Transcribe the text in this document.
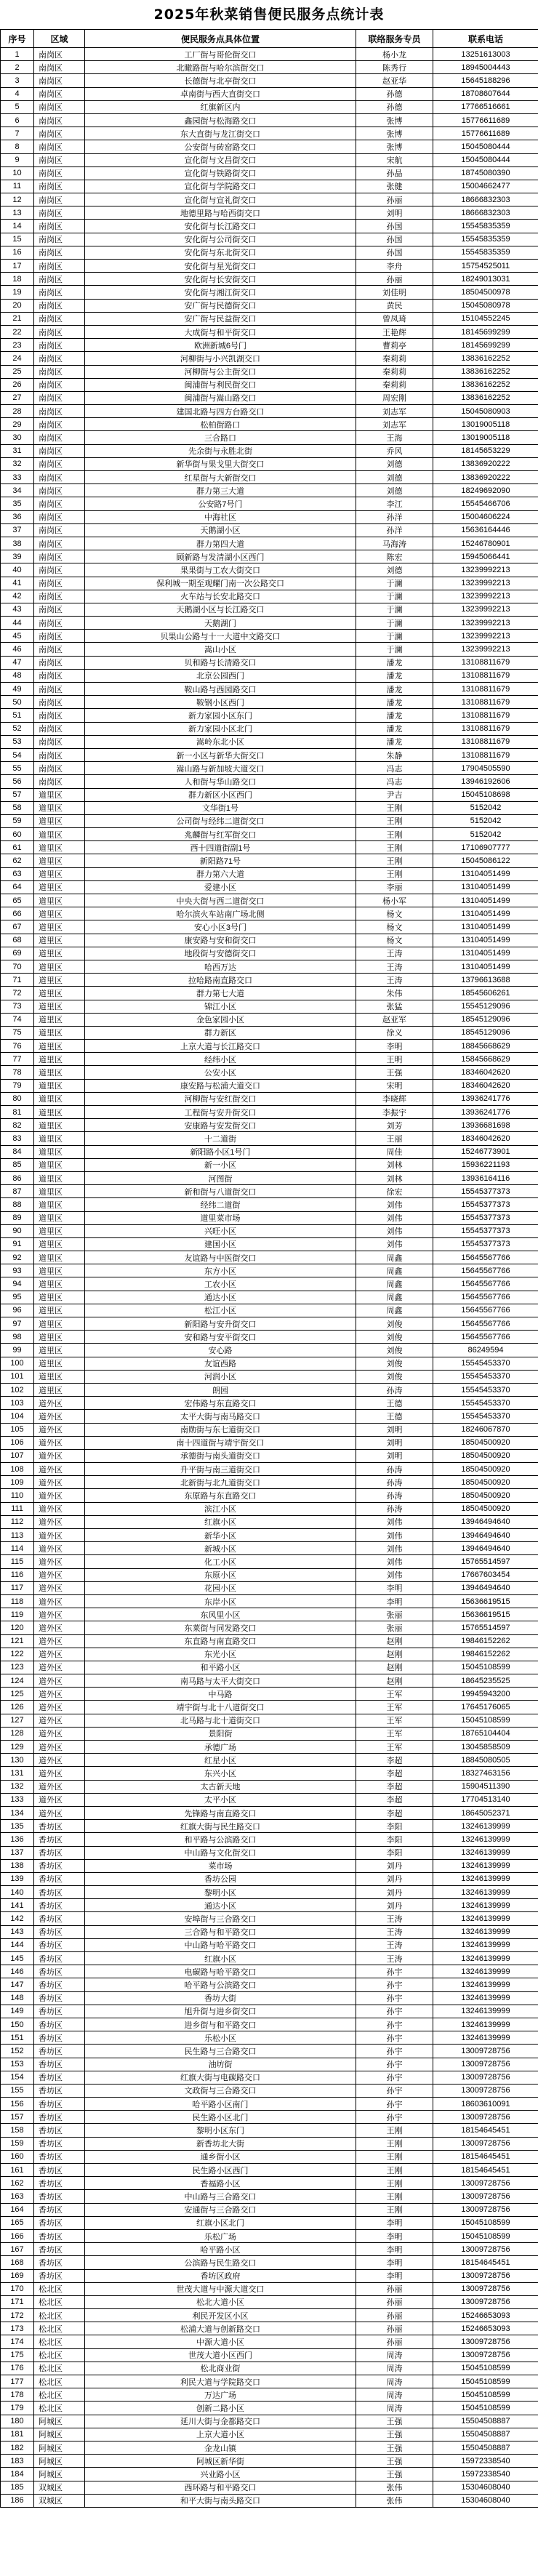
2025年秋菜销售便民服务点统计表
序号	区域	便民服务点具体位置	联络服务专员	联系电话
1	南岗区	工厂街与哥伦街交口	杨小龙	13251613003
2	南岗区	北瞰路街与哈尔滨街交口	陈秀行	18945004443
3	南岗区	长德街与北亭街交口	赵亚华	15645188296
4	南岗区	卓南街与西大直街交口	孙德	18708607644
5	南岗区	红旗新区内	孙德	17766516661
6	南岗区	鑫园街与松海路交口	张博	15776611689
7	南岗区	东大直街与龙江街交口	张博	15776611689
8	南岗区	公安街与砖窑路交口	张博	15045080444
9	南岗区	宣化街与文昌街交口	宋航	15045080444
10	南岗区	宣化街与铁路街交口	孙晶	18745080390
11	南岗区	宣化街与学院路交口	张健	15004662477
12	南岗区	宣化街与宣礼街交口	孙丽	18666832303
13	南岗区	地德里路与哈西街交口	刘明	18666832303
14	南岗区	安化街与长江路交口	孙国	15545835359
15	南岗区	安化街与公司街交口	孙国	15545835359
16	南岗区	安化街与东北街交口	孙国	15545835359
17	南岗区	安化街与星光街交口	李舟	15754525011
18	南岗区	安化街与长安街交口	孙丽	18249013031
19	南岗区	安化街与湘江街交口	刘佳明	18504500978
20	南岗区	安广街与民德街交口	黄民	15045080978
21	南岗区	安广街与民益街交口	曾凤琦	15104552245
22	南岗区	大成街与和平街交口	王艳辉	18145699299
23	南岗区	欧洲新城6号门	曹莉亭	18145699299
24	南岗区	河柳街与小兴凯湖交口	秦莉莉	13836162252
25	南岗区	河柳街与公主街交口	秦莉莉	13836162252
26	南岗区	闽浦街与利民街交口	秦莉莉	13836162252
27	南岗区	闽浦街与嵩山路交口	周宏刚	13836162252
28	南岗区	建国北路与四方台路交口	刘志军	15045080903
29	南岗区	松柏街路口	刘志军	13019005118
30	南岗区	三合路口	王海	13019005118
31	南岗区	先余街与永胜北街	乔风	18145653229
32	南岗区	新华街与果戈里大街交口	刘德	13836920222
33	南岗区	红星街与大新街交口	刘德	13836920222
34	南岗区	群力第三大道	刘德	18249692090
35	南岗区	公安路7号门	李江	15545466706
36	南岗区	中海社区	孙洋	15004606224
37	南岗区	天鹅湖小区	孙洋	15636164446
38	南岗区	群力第四大道	马海涛	15246780901
39	南岗区	顾新路与发清湖小区西门	陈宏	15945066441
40	南岗区	果果街与工农大街交口	刘德	13239992213
41	南岗区	保利城一期至观耀门南一次公路交口	于澜	13239992213
42	南岗区	火车站与长安北路交口	于澜	13239992213
43	南岗区	天鹅湖小区与长江路交口	于澜	13239992213
44	南岗区	天鹅湖门	于澜	13239992213
45	南岗区	贝果山公路与十一大道中文路交口	于澜	13239992213
46	南岗区	嵩山小区	于澜	13239992213
47	南岗区	贝和路与长清路交口	潘龙	13108811679
48	南岗区	北京公园西门	潘龙	13108811679
49	南岗区	鞍山路与西园路交口	潘龙	13108811679
50	南岗区	鞍钢小区西门	潘龙	13108811679
51	南岗区	新力家园小区东门	潘龙	13108811679
52	南岗区	新力家园小区北门	潘龙	13108811679
53	南岗区	嵩岭东北小区	潘龙	13108811679
54	南岗区	新一小区与新华大街交口	朱静	13108811679
55	南岗区	嵩山路与新加坡大道交口	冯志	17904505590
56	南岗区	人和街与华山路交口	冯志	13946192606
57	道里区	群力新区小区西门	尹吉	15045108698
58	道里区	文华街1号	王刚	5152042
59	道里区	公司街与经纬二道街交口	王刚	5152042
60	道里区	兆麟街与红军街交口	王刚	5152042
61	道里区	西十四道街副1号	王刚	17106907777
62	道里区	新阳路71号	王刚	15045086122
63	道里区	群力第六大道	王刚	13104051499
64	道里区	爱建小区	李丽	13104051499
65	道里区	中央大街与西二道街交口	杨小军	13104051499
66	道里区	哈尔滨火车站南广场北侧	杨文	13104051499
67	道里区	安心小区3号门	杨文	13104051499
68	道里区	康安路与安和街交口	杨文	13104051499
69	道里区	地段街与安德街交口	王涛	13104051499
70	道里区	哈西万达	王涛	13104051499
71	道里区	拉哈路南直路交口	王涛	13796613688
72	道里区	群力第七大道	朱伟	18545606261
73	道里区	锦江小区	张猛	15545129096
74	道里区	金色家园小区	赵亚军	18545129096
75	道里区	群力新区	徐义	18545129096
76	道里区	上京大道与长江路交口	李明	18845668629
77	道里区	经纬小区	王明	15845668629
78	道里区	公安小区	王强	18346042620
79	道里区	康安路与松浦大道交口	宋明	18346042620
80	道里区	河柳街与安红街交口	李晓辉	13936241776
81	道里区	工程街与安升街交口	李振宇	13936241776
82	道里区	安康路与安发街交口	刘芳	13936681698
83	道里区	十二道街	王丽	18346042620
84	道里区	新阳路小区1号门	周佳	15246773901
85	道里区	新一小区	刘林	15936221193
86	道里区	河图街	刘林	13936164116
87	道里区	新和街与八道街交口	徐宏	15545377373
88	道里区	经纬二道街	刘伟	15545377373
89	道里区	道里菜市场	刘伟	15545377373
90	道里区	兴旺小区	刘伟	15545377373
91	道里区	建国小区	刘伟	15545377373
92	道里区	友谊路与中医街交口	周鑫	15645567766
93	道里区	东方小区	周鑫	15645567766
94	道里区	工农小区	周鑫	15645567766
95	道里区	通达小区	周鑫	15645567766
96	道里区	松江小区	周鑫	15645567766
97	道里区	新阳路与安升街交口	刘俊	15645567766
98	道里区	安和路与安平街交口	刘俊	15645567766
99	道里区	安心路	刘俊	86249594
100	道里区	友谊西路	刘俊	15545453370
101	道里区	河润小区	刘俊	15545453370
102	道里区	朗园	孙涛	15545453370
103	道外区	宏伟路与东直路交口	王德	15545453370
104	道外区	太平大街与南马路交口	王德	15545453370
105	道外区	南勋街与东七道街交口	刘明	18246067870
106	道外区	南十四道街与靖宇街交口	刘明	18504500920
107	道外区	承德街与南头道街交口	刘明	18504500920
108	道外区	升平街与南三道街交口	孙涛	18504500920
109	道外区	北新街与北九道街交口	孙涛	18504500920
110	道外区	东原路与东直路交口	孙涛	18504500920
111	道外区	滨江小区	孙涛	18504500920
112	道外区	红旗小区	刘伟	13946494640
113	道外区	新华小区	刘伟	13946494640
114	道外区	新城小区	刘伟	13946494640
115	道外区	化工小区	刘伟	15765514597
116	道外区	东原小区	刘伟	17667603454
117	道外区	花园小区	李明	13946494640
118	道外区	东岸小区	李明	15636619515
119	道外区	东风里小区	张丽	15636619515
120	道外区	东莱街与同发路交口	张丽	15765514597
121	道外区	东直路与南直路交口	赵刚	19846152262
122	道外区	东光小区	赵刚	19846152262
123	道外区	和平路小区	赵刚	15045108599
124	道外区	南马路与太平大街交口	赵刚	18645235525
125	道外区	中马路	王军	19945943200
126	道外区	靖宇街与北十八道街交口	王军	17645176065
127	道外区	北马路与北十道街交口	王军	15045108599
128	道外区	景阳街	王军	18765104404
129	道外区	承德广场	王军	13045858509
130	道外区	红星小区	李超	18845080505
131	道外区	东兴小区	李超	18327463156
132	道外区	太古新天地	李超	15904511390
133	道外区	太平小区	李超	17704513140
134	道外区	先锋路与南直路交口	李超	18645052371
135	香坊区	红旗大街与民生路交口	李阳	13246139999
136	香坊区	和平路与公滨路交口	李阳	13246139999
137	香坊区	中山路与文化街交口	李阳	13246139999
138	香坊区	菜市场	刘丹	13246139999
139	香坊区	香坊公园	刘丹	13246139999
140	香坊区	黎明小区	刘丹	13246139999
141	香坊区	通达小区	刘丹	13246139999
142	香坊区	安埠街与三合路交口	王涛	13246139999
143	香坊区	三合路与和平路交口	王涛	13246139999
144	香坊区	中山路与哈平路交口	王涛	13246139999
145	香坊区	红旗小区	王涛	13246139999
146	香坊区	电碳路与哈平路交口	孙宇	13246139999
147	香坊区	哈平路与公滨路交口	孙宇	13246139999
148	香坊区	香坊大街	孙宇	13246139999
149	香坊区	旭升街与进乡街交口	孙宇	13246139999
150	香坊区	进乡街与和平路交口	孙宇	13246139999
151	香坊区	乐松小区	孙宇	13246139999
152	香坊区	民生路与三合路交口	孙宇	13009728756
153	香坊区	油坊街	孙宇	13009728756
154	香坊区	红旗大街与电碳路交口	孙宇	13009728756
155	香坊区	文政街与三合路交口	孙宇	13009728756
156	香坊区	哈平路小区南门	孙宇	18603610091
157	香坊区	民生路小区北门	孙宇	13009728756
158	香坊区	黎明小区东门	王刚	18154645451
159	香坊区	新香坊北大街	王刚	13009728756
160	香坊区	通乡街小区	王刚	18154645451
161	香坊区	民生路小区西门	王刚	18154645451
162	香坊区	香福路小区	王刚	13009728756
163	香坊区	中山路与三合路交口	王刚	13009728756
164	香坊区	安通街与三合路交口	王刚	13009728756
165	香坊区	红旗小区北门	李明	15045108599
166	香坊区	乐松广场	李明	15045108599
167	香坊区	哈平路小区	李明	13009728756
168	香坊区	公滨路与民生路交口	李明	18154645451
169	香坊区	香坊区政府	李明	13009728756
170	松北区	世茂大道与中源大道交口	孙丽	13009728756
171	松北区	松北大道小区	孙丽	13009728756
172	松北区	利民开发区小区	孙丽	15246653093
173	松北区	松浦大道与创新路交口	孙丽	15246653093
174	松北区	中源大道小区	孙丽	13009728756
175	松北区	世茂大道小区西门	周涛	13009728756
176	松北区	松北商业街	周涛	15045108599
177	松北区	利民大道与学院路交口	周涛	15045108599
178	松北区	万达广场	周涛	15045108599
179	松北区	创新二路小区	周涛	15045108599
180	阿城区	延川大街与金都路交口	王强	15504508887
181	阿城区	上京大道小区	王强	15504508887
182	阿城区	金龙山镇	王强	15504508887
183	阿城区	阿城区新华街	王强	15972338540
184	阿城区	兴业路小区	王强	15972338540
185	双城区	西环路与和平路交口	张伟	15304608040
186	双城区	和平大街与南头路交口	张伟	15304608040
